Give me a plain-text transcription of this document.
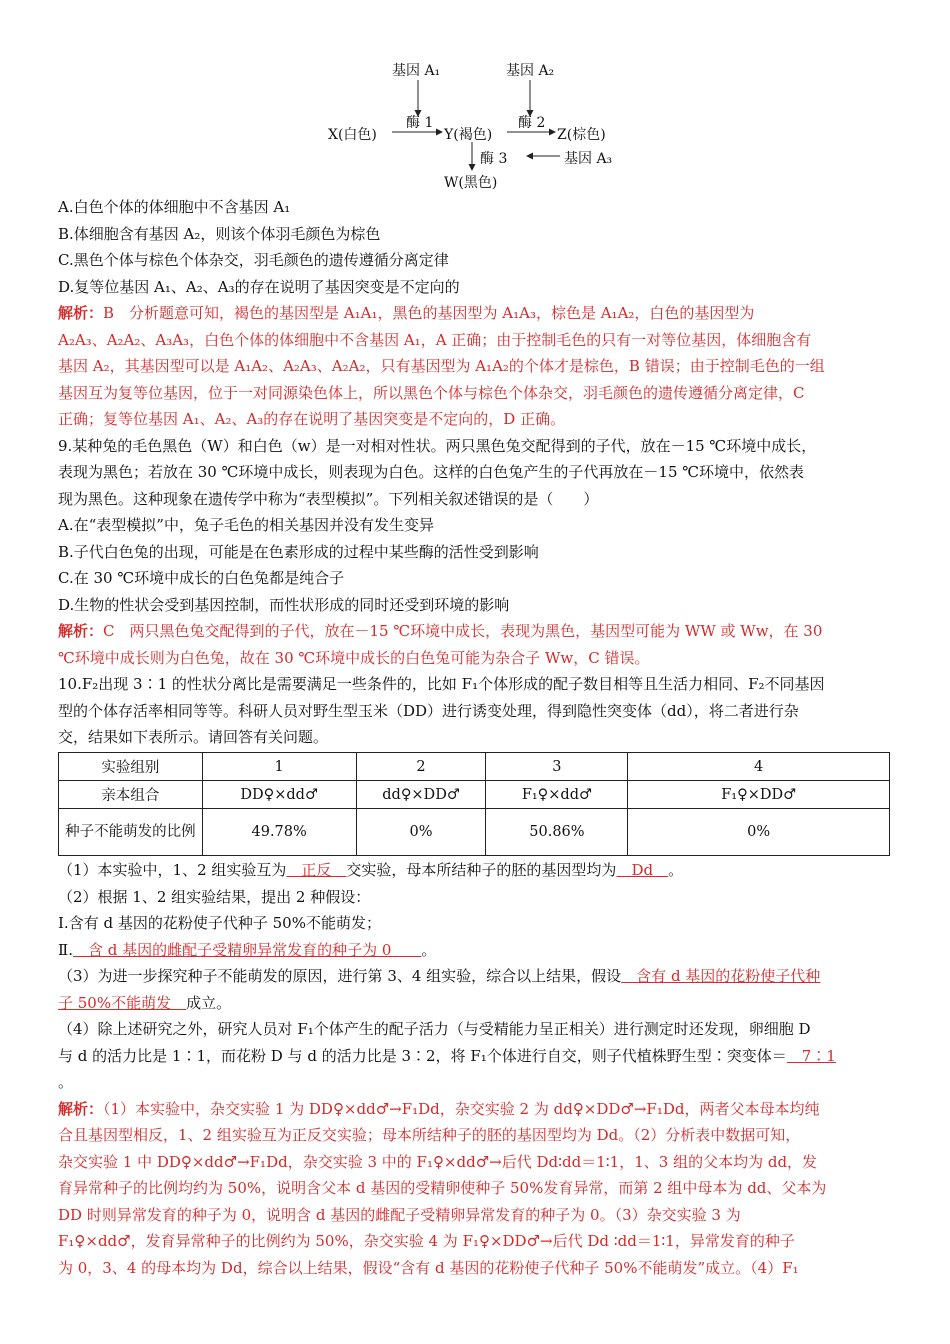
基因 A₁	基因 A₂
酶 1	酶 2
X(白色)	Y(褐色)	Z(棕色)
酶 3	基因 A₃
W(黑色)
A.白色个体的体细胞中不含基因 A₁
B.体细胞含有基因 A₂，则该个体羽毛颜色为棕色
C.黑色个体与棕色个体杂交，羽毛颜色的遗传遵循分离定律
D.复等位基因 A₁、A₂、A₃的存在说明了基因突变是不定向的
解析：B　分析题意可知，褐色的基因型是 A₁A₁，黑色的基因型为 A₁A₃，棕色是 A₁A₂，白色的基因型为
A₂A₃、A₂A₂、A₃A₃，白色个体的体细胞中不含基因 A₁，A 正确；由于控制毛色的只有一对等位基因，体细胞含有
基因 A₂，其基因型可以是 A₁A₂、A₂A₃、A₂A₂，只有基因型为 A₁A₂的个体才是棕色，B 错误；由于控制毛色的一组
基因互为复等位基因，位于一对同源染色体上，所以黑色个体与棕色个体杂交，羽毛颜色的遗传遵循分离定律，C
正确；复等位基因 A₁、A₂、A₃的存在说明了基因突变是不定向的，D 正确。
9.某种兔的毛色黑色（W）和白色（w）是一对相对性状。两只黑色兔交配得到的子代，放在－15 ℃环境中成长，
表现为黑色；若放在 30 ℃环境中成长，则表现为白色。这样的白色兔产生的子代再放在－15 ℃环境中，依然表
现为黑色。这种现象在遗传学中称为“表型模拟”。下列相关叙述错误的是（　　）
A.在“表型模拟”中，兔子毛色的相关基因并没有发生变异
B.子代白色兔的出现，可能是在色素形成的过程中某些酶的活性受到影响
C.在 30 ℃环境中成长的白色兔都是纯合子
D.生物的性状会受到基因控制，而性状形成的同时还受到环境的影响
解析：C　两只黑色兔交配得到的子代，放在－15 ℃环境中成长，表现为黑色，基因型可能为 WW 或 Ww，在 30
℃环境中成长则为白色兔，故在 30 ℃环境中成长的白色兔可能为杂合子 Ww，C 错误。
10.F₂出现 3∶1 的性状分离比是需要满足一些条件的，比如 F₁个体形成的配子数目相等且生活力相同、F₂不同基因
型的个体存活率相同等等。科研人员对野生型玉米（DD）进行诱变处理，得到隐性突变体（dd），将二者进行杂
交，结果如下表所示。请回答有关问题。
实验组别	1	2	3	4
亲本组合	DD♀×dd♂	dd♀×DD♂	F₁♀×dd♂	F₁♀×DD♂
种子不能萌发的比例	49.78%	0%	50.86%	0%
（1）本实验中，1、2 组实验互为　正反　交实验，母本所结种子的胚的基因型均为　Dd　。
（2）根据 1、2 组实验结果，提出 2 种假设：
Ⅰ.含有 d 基因的花粉使子代种子 50%不能萌发；
Ⅱ.　含 d 基因的雌配子受精卵异常发育的种子为 0　　。
（3）为进一步探究种子不能萌发的原因，进行第 3、4 组实验，综合以上结果，假设　含有 d 基因的花粉使子代种
子 50%不能萌发　成立。
（4）除上述研究之外，研究人员对 F₁个体产生的配子活力（与受精能力呈正相关）进行测定时还发现，卵细胞 D
与 d 的活力比是 1∶1，而花粉 D 与 d 的活力比是 3∶2，将 F₁个体进行自交，则子代植株野生型∶突变体＝　7∶1
。
解析：（1）本实验中，杂交实验 1 为 DD♀×dd♂→F₁Dd，杂交实验 2 为 dd♀×DD♂→F₁Dd，两者父本母本均纯
合且基因型相反，1、2 组实验互为正反交实验；母本所结种子的胚的基因型均为 Dd。（2）分析表中数据可知，
杂交实验 1 中 DD♀×dd♂→F₁Dd，杂交实验 3 中的 F₁♀×dd♂→后代 Dd∶dd＝1∶1，1、3 组的父本均为 dd，发
育异常种子的比例均约为 50%，说明含父本 d 基因的受精卵使种子 50%发育异常，而第 2 组中母本为 dd、父本为
DD 时则异常发育的种子为 0，说明含 d 基因的雌配子受精卵异常发育的种子为 0。（3）杂交实验 3 为
F₁♀×dd♂，发育异常种子的比例约为 50%，杂交实验 4 为 F₁♀×DD♂→后代 Dd ∶dd＝1∶1，异常发育的种子
为 0，3、4 的母本均为 Dd，综合以上结果，假设“含有 d 基因的花粉使子代种子 50%不能萌发”成立。（4）F₁
